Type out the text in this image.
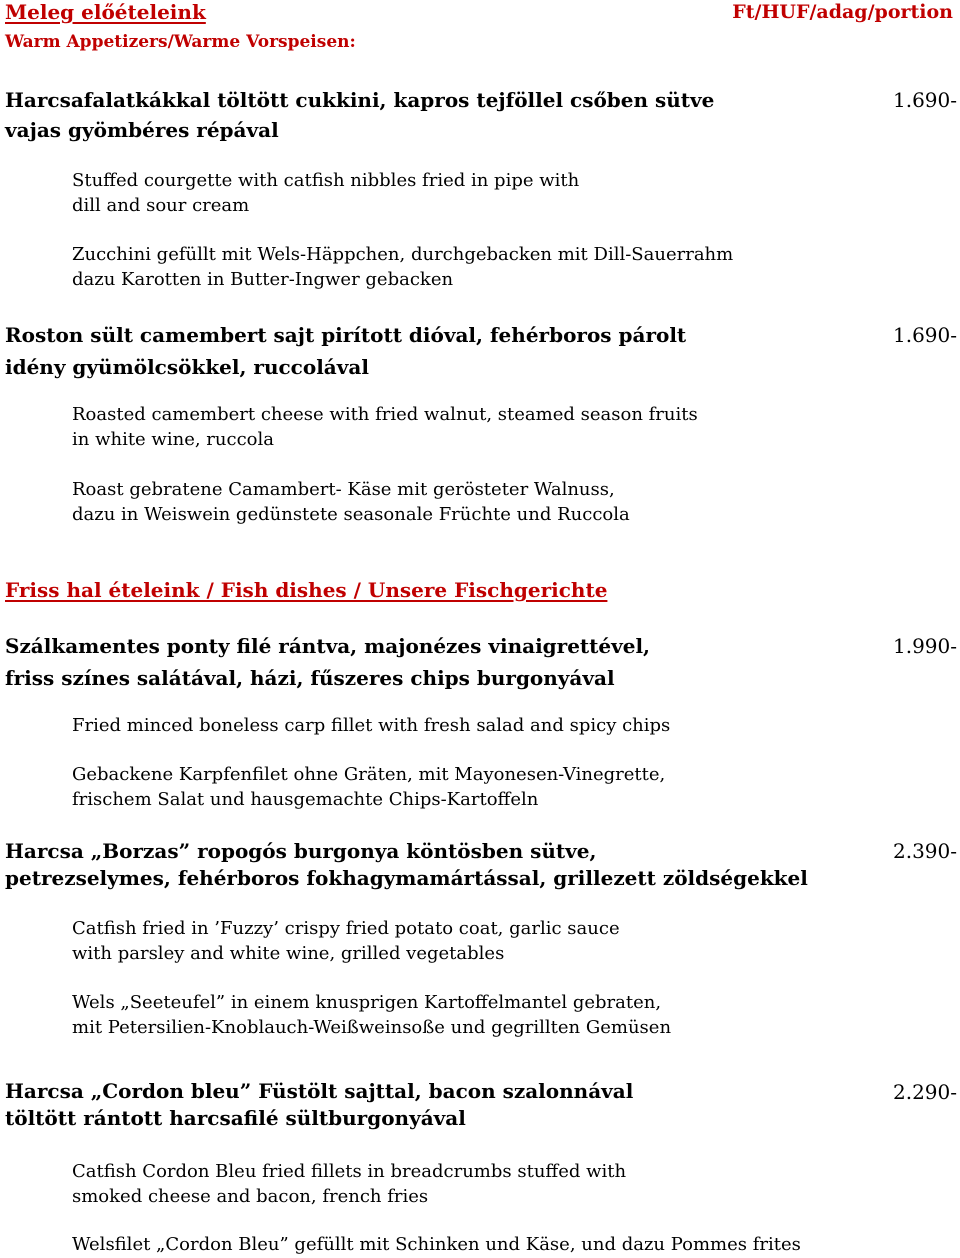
Meleg előételeink
Warm Appetizers/Warme Vorspeisen:
Ft/HUF/adag/portion
Harcsafalatkákkal töltött cukkini, kapros tejföllel csőben sütve
vajas gyömbéres répával
1.690-
Stuffed courgette with catfish nibbles fried in pipe with
dill and sour cream
Zucchini gefüllt mit Wels-Häppchen, durchgebacken mit Dill-Sauerrahm
dazu Karotten in Butter-Ingwer gebacken
Roston sült camembert sajt pirított dióval, fehérboros párolt
idény gyümölcsökkel, ruccolával
1.690-
Roasted camembert cheese with fried walnut, steamed season fruits
in white wine, ruccola
Roast gebratene Camambert- Käse mit gerösteter Walnuss,
dazu in Weiswein gedünstete seasonale Früchte und Ruccola
Friss hal ételeink / Fish dishes / Unsere Fischgerichte
Szálkamentes ponty filé rántva, majonézes vinaigrettével,
friss színes salátával, házi, fűszeres chips burgonyával
1.990-
Fried minced boneless carp fillet with fresh salad and spicy chips
Gebackene Karpfenfilet ohne Gräten, mit Mayonesen-Vinegrette,
frischem Salat und hausgemachte Chips-Kartoffeln
Harcsa „Borzas” ropogós burgonya köntösben sütve,
petrezselymes, fehérboros fokhagymamártással, grillezett zöldségekkel
2.390-
Catfish fried in ’Fuzzy’ crispy fried potato coat, garlic sauce
with parsley and white wine, grilled vegetables
Wels „Seeteufel” in einem knusprigen Kartoffelmantel gebraten,
mit Petersilien-Knoblauch-Weißweinsoße und gegrillten Gemüsen
Harcsa „Cordon bleu” Füstölt sajttal, bacon szalonnával
töltött rántott harcsafilé sültburgonyával
2.290-
Catfish Cordon Bleu fried fillets in breadcrumbs stuffed with
smoked cheese and bacon, french fries
Welsfilet „Cordon Bleu” gefüllt mit Schinken und Käse, und dazu Pommes frites
